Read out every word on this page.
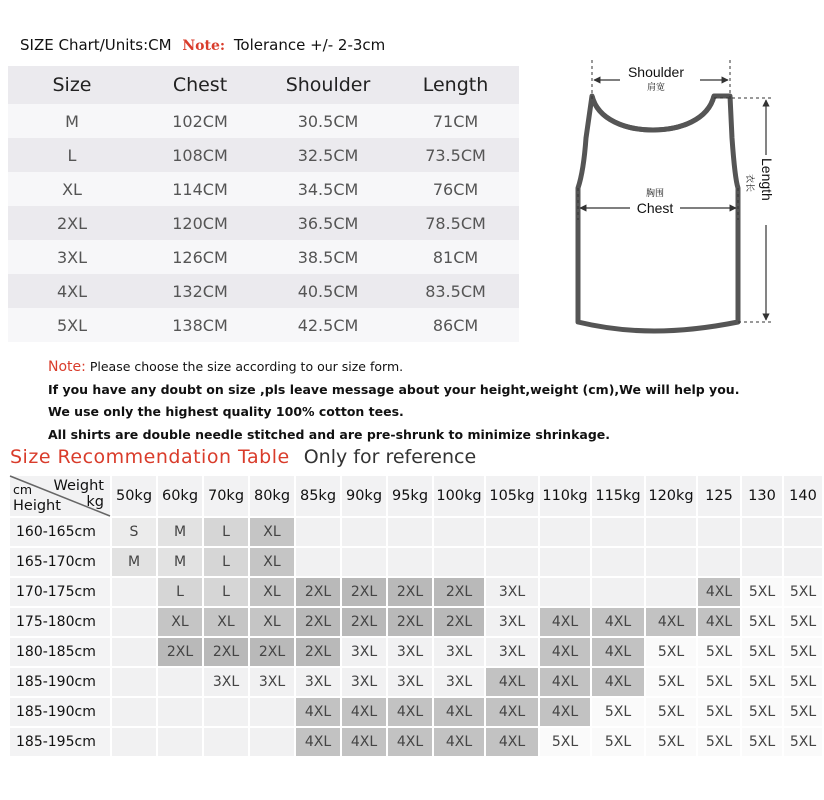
SIZE Chart/Units:CM Note: Tolerance +/- 2-3cm
Size	Chest	Shoulder	Length
M	102CM	30.5CM	71CM
L	108CM	32.5CM	73.5CM
XL	114CM	34.5CM	76CM
2XL	120CM	36.5CM	78.5CM
3XL	126CM	38.5CM	81CM
4XL	132CM	40.5CM	83.5CM
5XL	138CM	42.5CM	86CM
Shoulder
肩宽
胸围
Chest
Length
衣长
Note: Please choose the size according to our size form.
If you have any doubt on size ,pls leave message about your height,weight (cm),We will help you.
We use only the highest quality 100% cotton tees.
All shirts are double needle stitched and are pre-shrunk to minimize shrinkage.
Size Recommendation Table Only for reference
Weight
kg
cm
Height	50kg	60kg	70kg	80kg	85kg	90kg	95kg	100kg	105kg	110kg	115kg	120kg	125	130	140
160-165cm	S	M	L	XL											
165-170cm	M	M	L	XL											
170-175cm		L	L	XL	2XL	2XL	2XL	2XL	3XL				4XL	5XL	5XL
175-180cm		XL	XL	XL	2XL	2XL	2XL	2XL	3XL	4XL	4XL	4XL	4XL	5XL	5XL
180-185cm		2XL	2XL	2XL	2XL	3XL	3XL	3XL	3XL	4XL	4XL	5XL	5XL	5XL	5XL
185-190cm			3XL	3XL	3XL	3XL	3XL	3XL	4XL	4XL	4XL	5XL	5XL	5XL	5XL
185-190cm					4XL	4XL	4XL	4XL	4XL	4XL	5XL	5XL	5XL	5XL	5XL
185-195cm					4XL	4XL	4XL	4XL	4XL	5XL	5XL	5XL	5XL	5XL	5XL
